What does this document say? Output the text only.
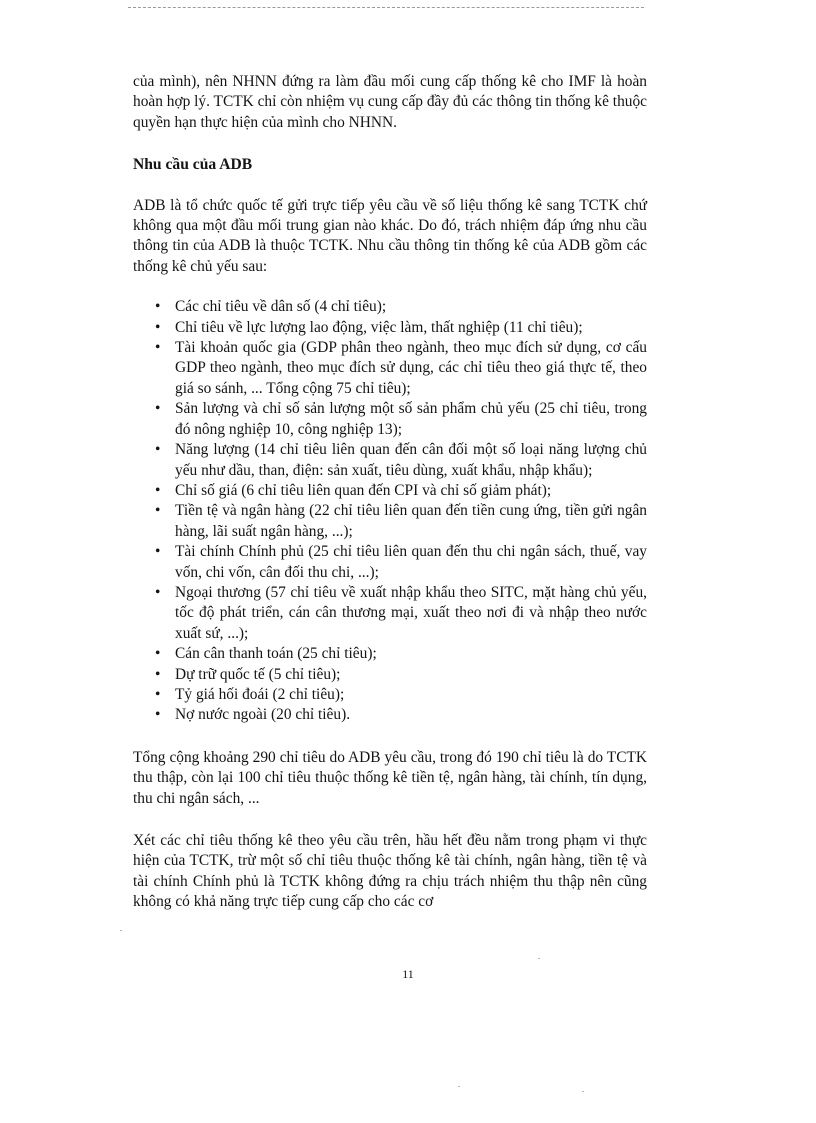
của mình), nên NHNN đứng ra làm đầu mối cung cấp thống kê cho IMF là hoàn hoàn hợp lý. TCTK chỉ còn nhiệm vụ cung cấp đầy đủ các thông tin thống kê thuộc quyền hạn thực hiện của mình cho NHNN.

Nhu cầu của ADB

ADB là tổ chức quốc tế gửi trực tiếp yêu cầu về số liệu thống kê sang TCTK chứ không qua một đầu mối trung gian nào khác. Do đó, trách nhiệm đáp ứng nhu cầu thông tin của ADB là thuộc TCTK. Nhu cầu thông tin thống kê của ADB gồm các thống kê chủ yếu sau:

• Các chỉ tiêu về dân số (4 chỉ tiêu);
• Chỉ tiêu về lực lượng lao động, việc làm, thất nghiệp (11 chỉ tiêu);
• Tài khoản quốc gia (GDP phân theo ngành, theo mục đích sử dụng, cơ cấu GDP theo ngành, theo mục đích sử dụng, các chỉ tiêu theo giá thực tế, theo giá so sánh, ... Tổng cộng 75 chỉ tiêu);
• Sản lượng và chỉ số sản lượng một số sản phẩm chủ yếu (25 chỉ tiêu, trong đó nông nghiệp 10, công nghiệp 13);
• Năng lượng (14 chỉ tiêu liên quan đến cân đối một số loại năng lượng chủ yếu như dầu, than, điện: sản xuất, tiêu dùng, xuất khẩu, nhập khẩu);
• Chỉ số giá (6 chỉ tiêu liên quan đến CPI và chỉ số giảm phát);
• Tiền tệ và ngân hàng (22 chỉ tiêu liên quan đến tiền cung ứng, tiền gửi ngân hàng, lãi suất ngân hàng, ...);
• Tài chính Chính phủ (25 chỉ tiêu liên quan đến thu chi ngân sách, thuế, vay vốn, chi vốn, cân đối thu chi, ...);
• Ngoại thương (57 chỉ tiêu về xuất nhập khẩu theo SITC, mặt hàng chủ yếu, tốc độ phát triển, cán cân thương mại, xuất theo nơi đi và nhập theo nước xuất sứ, ...);
• Cán cân thanh toán (25 chỉ tiêu);
• Dự trữ quốc tế (5 chỉ tiêu);
• Tỷ giá hối đoái (2 chỉ tiêu);
• Nợ nước ngoài (20 chỉ tiêu).

Tổng cộng khoảng 290 chỉ tiêu do ADB yêu cầu, trong đó 190 chỉ tiêu là do TCTK thu thập, còn lại 100 chỉ tiêu thuộc thống kê tiền tệ, ngân hàng, tài chính, tín dụng, thu chi ngân sách, ...

Xét các chỉ tiêu thống kê theo yêu cầu trên, hầu hết đều nằm trong phạm vi thực hiện của TCTK, trừ một số chỉ tiêu thuộc thống kê tài chính, ngân hàng, tiền tệ và tài chính Chính phủ là TCTK không đứng ra chịu trách nhiệm thu thập nên cũng không có khả năng trực tiếp cung cấp cho các cơ

11
